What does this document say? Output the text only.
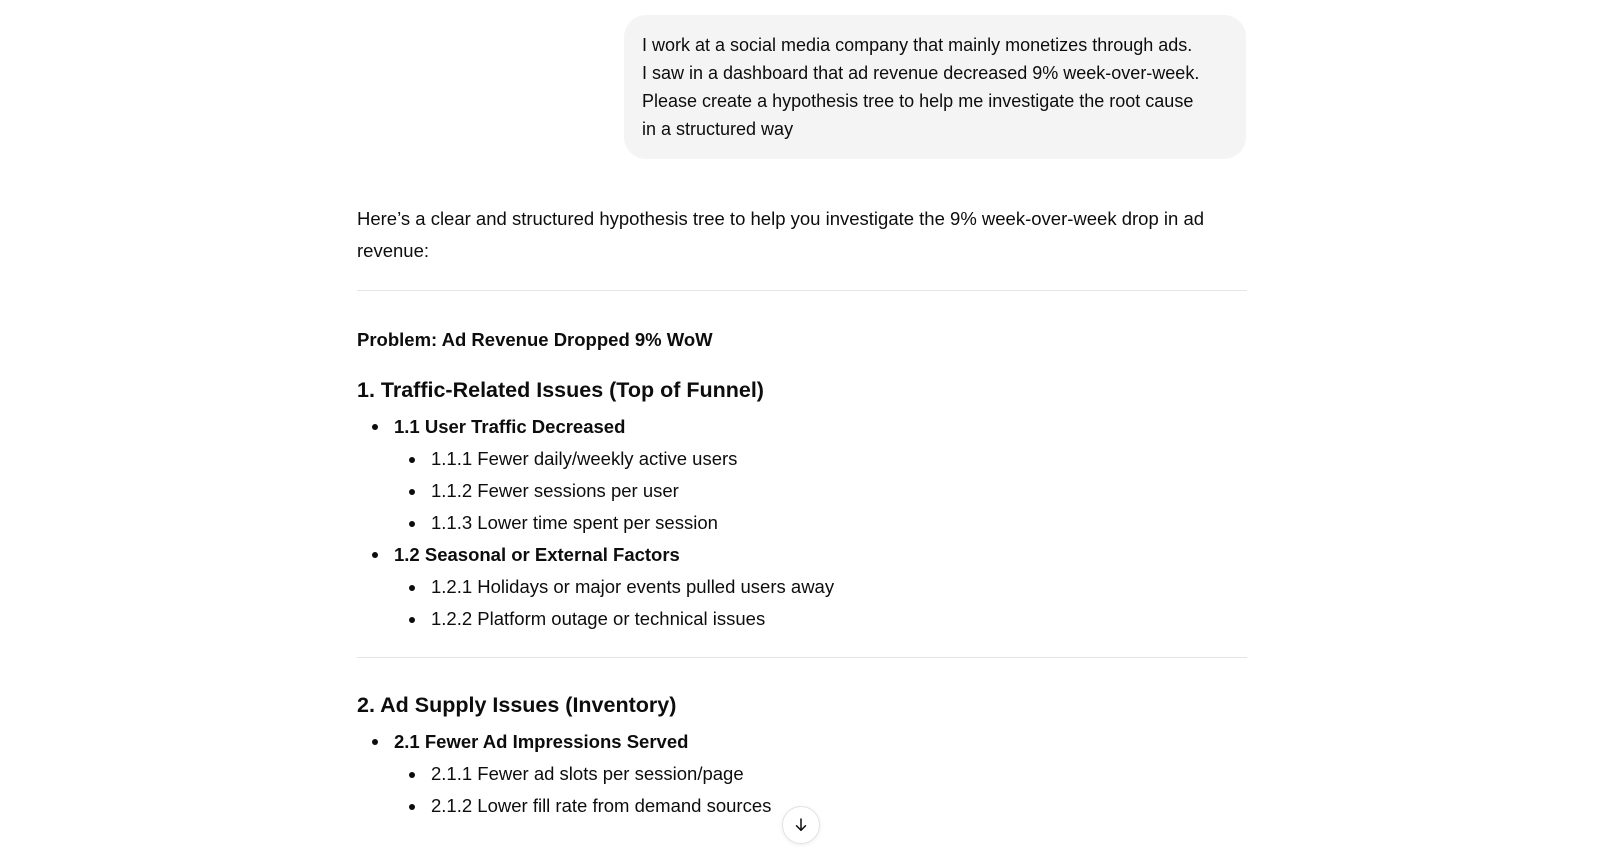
I work at a social media company that mainly monetizes through ads.

I saw in a dashboard that ad revenue decreased 9% week-over-week.

Please create a hypothesis tree to help me investigate the root cause

in a structured way

Here’s a clear and structured hypothesis tree to help you investigate the 9% week-over-week drop in ad revenue:

Problem: Ad Revenue Dropped 9% WoW

1. Traffic-Related Issues (Top of Funnel)
1.1 User Traffic Decreased
1.1.1 Fewer daily/weekly active users
1.1.2 Fewer sessions per user
1.1.3 Lower time spent per session
1.2 Seasonal or External Factors
1.2.1 Holidays or major events pulled users away
1.2.2 Platform outage or technical issues
2. Ad Supply Issues (Inventory)
2.1 Fewer Ad Impressions Served
2.1.1 Fewer ad slots per session/page
2.1.2 Lower fill rate from demand sources
